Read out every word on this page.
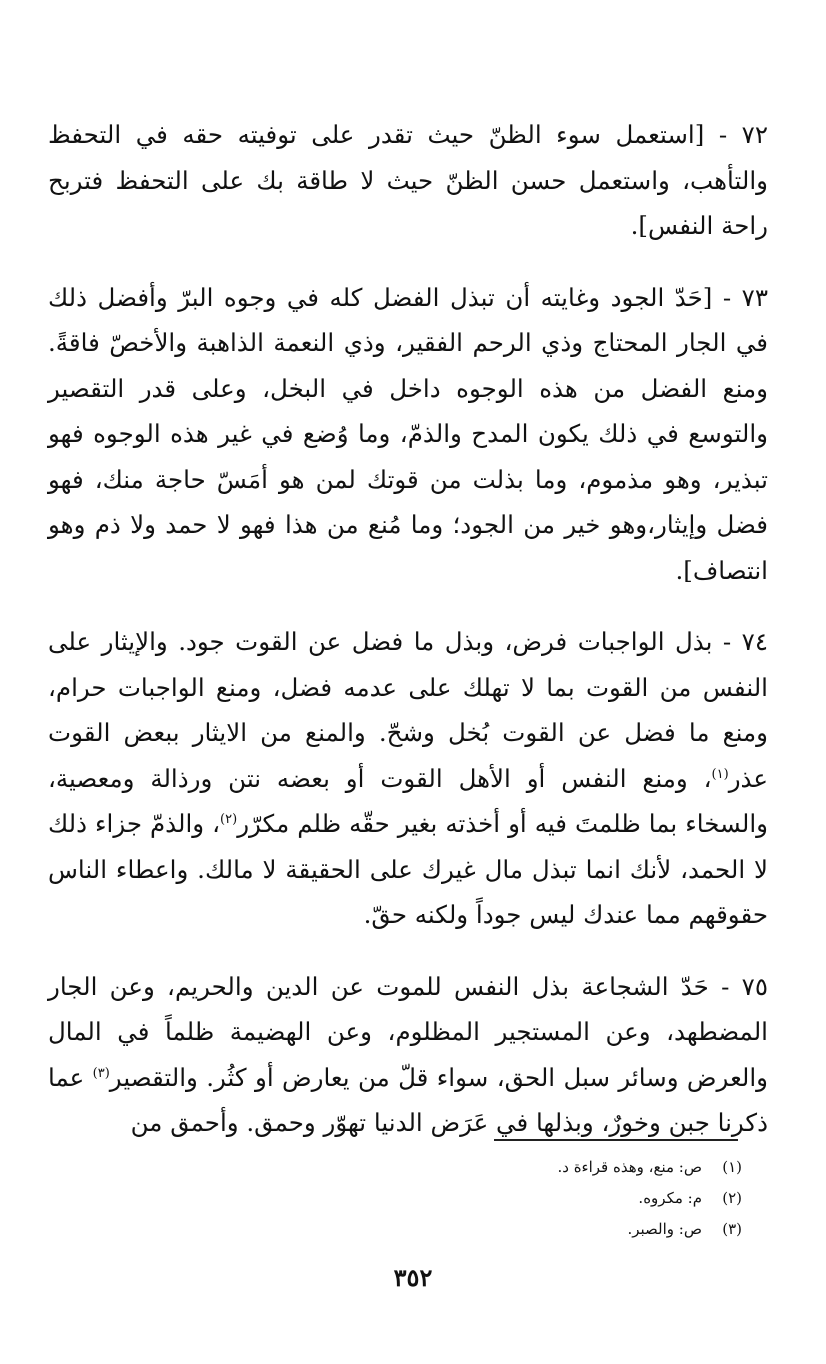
٧٢ - [استعمل سوء الظنّ حيث تقدر على توفيته حقه في التحفظ والتأهب، واستعمل حسن الظنّ حيث لا طاقة بك على التحفظ فتربح راحة النفس].

٧٣ - [حَدّ الجود وغايته أن تبذل الفضل كله في وجوه البرّ وأفضل ذلك في الجار المحتاج وذي الرحم الفقير، وذي النعمة الذاهبة والأخصّ فاقةً. ومنع الفضل من هذه الوجوه داخل في البخل، وعلى قدر التقصير والتوسع في ذلك يكون المدح والذمّ، وما وُضع في غير هذه الوجوه فهو تبذير، وهو مذموم، وما بذلت من قوتك لمن هو أمَسّ حاجة منك، فهو فضل وإيثار،وهو خير من الجود؛ وما مُنع من هذا فهو لا حمد ولا ذم وهو انتصاف].

٧٤ - بذل الواجبات فرض، وبذل ما فضل عن القوت جود. والإيثار على النفس من القوت بما لا تهلك على عدمه فضل، ومنع الواجبات حرام، ومنع ما فضل عن القوت بُخل وشحّ. والمنع من الايثار ببعض القوت عذر$^{(١)}$، ومنع النفس أو الأهل القوت أو بعضه نتن ورذالة ومعصية، والسخاء بما ظلمتَ فيه أو أخذته بغير حقّه ظلم مكرّر$^{(٢)}$، والذمّ جزاء ذلك لا الحمد، لأنك انما تبذل مال غيرك على الحقيقة لا مالك. واعطاء الناس حقوقهم مما عندك ليس جوداً ولكنه حقّ.

٧٥ - حَدّ الشجاعة بذل النفس للموت عن الدين والحريم، وعن الجار المضطهد، وعن المستجير المظلوم، وعن الهضيمة ظلماً في المال والعرض وسائر سبل الحق، سواء قلّ من يعارض أو كثُر. والتقصير$^{(٣)}$ عما ذكرنا جبن وخورٌ، وبذلها في عَرَض الدنيا تهوّر وحمق. وأحمق من

(١)ص: منع، وهذه قراءة د.
(٢)م: مكروه.
(٣)ص: والصبر.
٣٥٢
